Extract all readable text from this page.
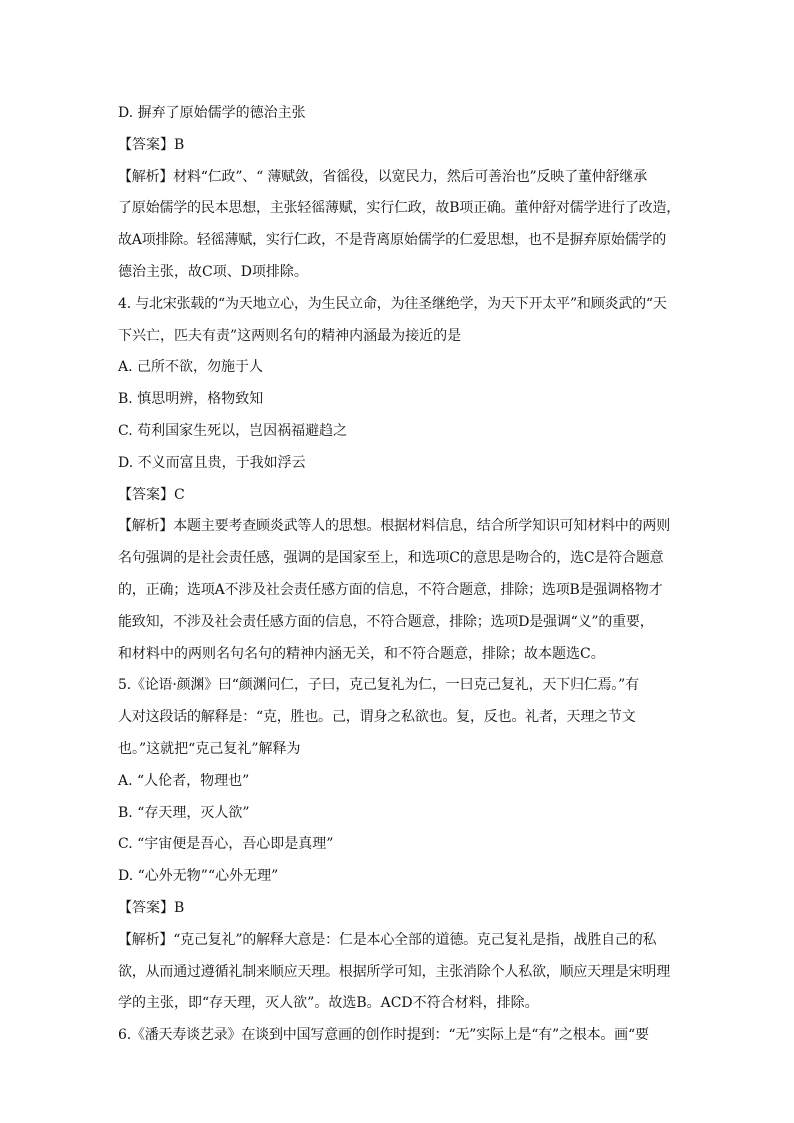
D. 摒弃了原始儒学的德治主张

【答案】B

【解析】材料“仁政”、“ 薄赋敛，省徭役，以宽民力，然后可善治也”反映了董仲舒继承

了原始儒学的民本思想，主张轻徭薄赋，实行仁政，故B项正确。董仲舒对儒学进行了改造，

故A项排除。轻徭薄赋，实行仁政，不是背离原始儒学的仁爱思想，也不是摒弃原始儒学的

德治主张，故C项、D项排除。

4. 与北宋张载的“为天地立心，为生民立命，为往圣继绝学，为天下开太平”和顾炎武的“天

下兴亡，匹夫有责”这两则名句的精神内涵最为接近的是

A. 己所不欲，勿施于人

B. 慎思明辨，格物致知

C. 苟利国家生死以，岂因祸福避趋之

D. 不义而富且贵，于我如浮云

【答案】C

【解析】本题主要考查顾炎武等人的思想。根据材料信息，结合所学知识可知材料中的两则

名句强调的是社会责任感，强调的是国家至上，和选项C的意思是吻合的，选C是符合题意

的，正确；选项A不涉及社会责任感方面的信息，不符合题意，排除；选项B是强调格物才

能致知，不涉及社会责任感方面的信息，不符合题意，排除；选项D是强调“义”的重要，

和材料中的两则名句名句的精神内涵无关，和不符合题意，排除；故本题选C。

5.《论语·颜渊》曰“颜渊问仁，子曰，克己复礼为仁，一曰克己复礼，天下归仁焉。”有

人对这段话的解释是：“克，胜也。己，谓身之私欲也。复，反也。礼者，天理之节文

也。”这就把“克己复礼”解释为

A. “人伦者，物理也”

B. “存天理，灭人欲”

C. “宇宙便是吾心，吾心即是真理”

D. “心外无物”“心外无理”

【答案】B

【解析】“克己复礼”的解释大意是：仁是本心全部的道德。克己复礼是指，战胜自己的私

欲，从而通过遵循礼制来顺应天理。根据所学可知，主张消除个人私欲，顺应天理是宋明理

学的主张，即“存天理，灭人欲”。故选B。ACD不符合材料，排除。

6.《潘天寿谈艺录》在谈到中国写意画的创作时提到：“无”实际上是“有”之根本。画“要
